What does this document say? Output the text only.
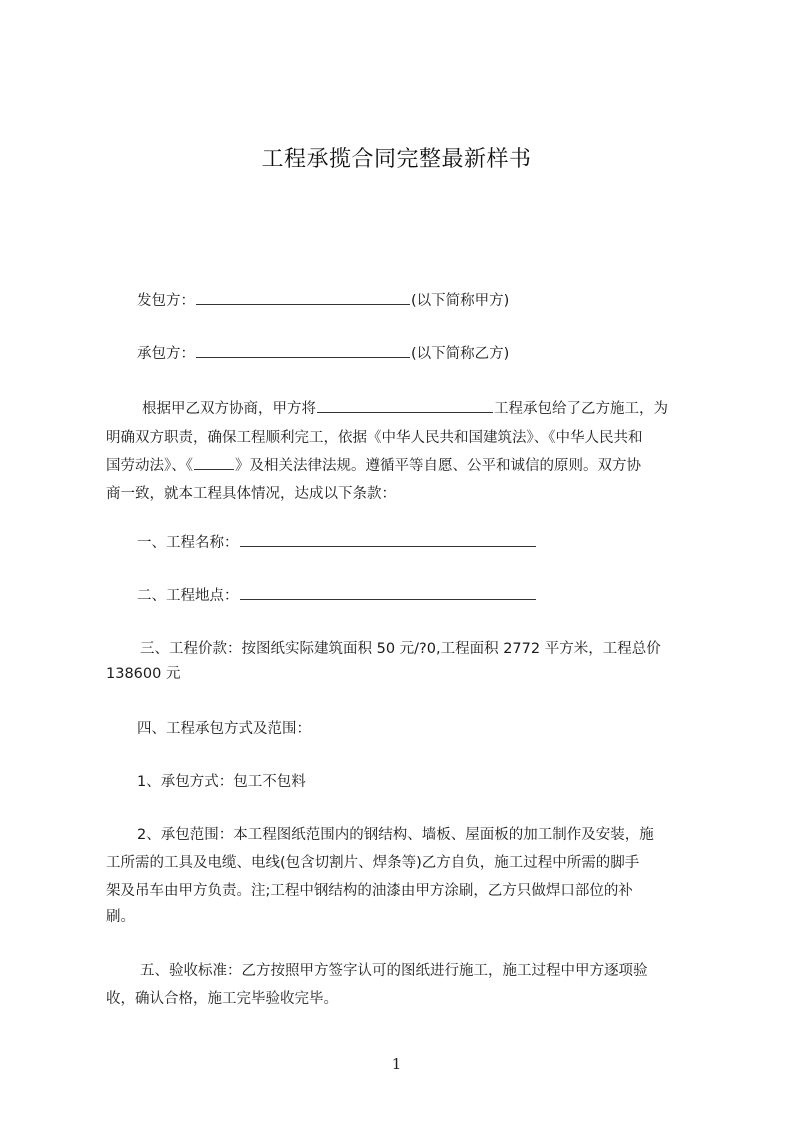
工程承揽合同完整最新样书
发包方：	(以下简称甲方)
承包方：	(以下简称乙方)
根据甲乙双方协商，甲方将	工程承包给了乙方施工，为
明确双方职责，确保工程顺利完工，依据《中华人民共和国建筑法》、《中华人民共和
国劳动法》、《	》及相关法律法规。遵循平等自愿、公平和诚信的原则。双方协
商一致，就本工程具体情况，达成以下条款：
一、工程名称：
二、工程地点：
三、工程价款：按图纸实际建筑面积 50 元/?0,工程面积 2772 平方米，工程总价
138600 元
四、工程承包方式及范围：
1、承包方式：包工不包料
2、承包范围：本工程图纸范围内的钢结构、墙板、屋面板的加工制作及安装，施
工所需的工具及电缆、电线(包含切割片、焊条等)乙方自负，施工过程中所需的脚手
架及吊车由甲方负责。注;工程中钢结构的油漆由甲方涂刷，乙方只做焊口部位的补
刷。
五、验收标准：乙方按照甲方签字认可的图纸进行施工，施工过程中甲方逐项验
收，确认合格，施工完毕验收完毕。
1
